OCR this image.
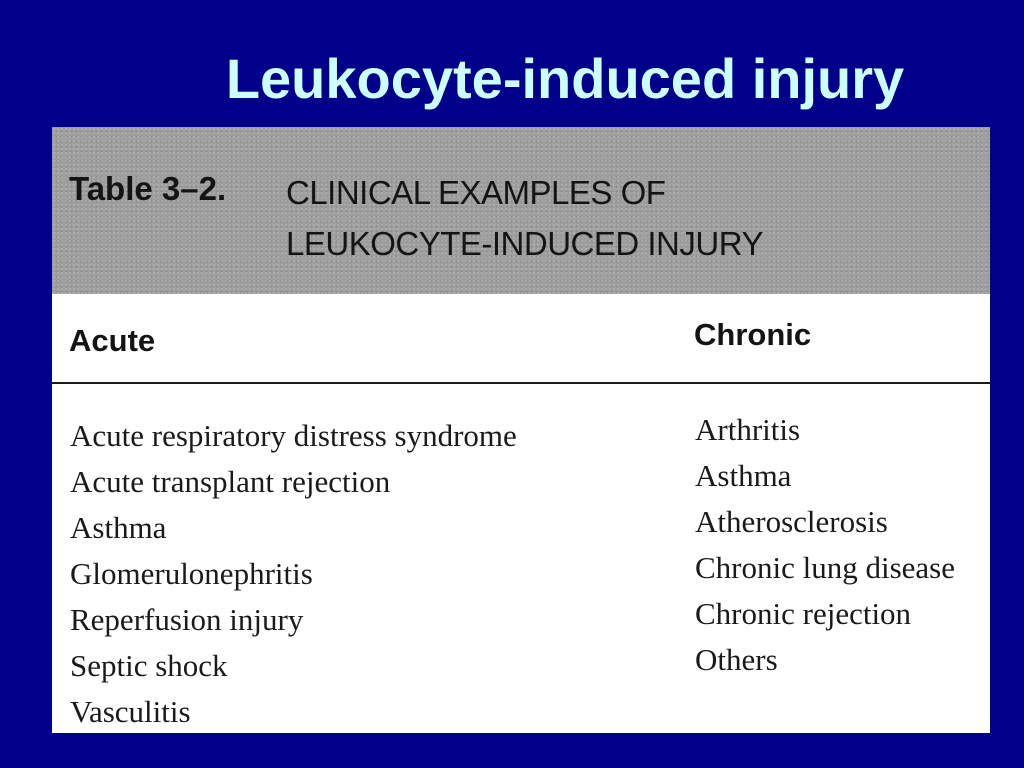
Leukocyte-induced injury
Table 3–2. CLINICAL EXAMPLES OF
LEUKOCYTE-INDUCED INJURY
Acute	Chronic
Acute respiratory distress syndrome
Acute transplant rejection
Asthma
Glomerulonephritis
Reperfusion injury
Septic shock
Vasculitis
Arthritis
Asthma
Atherosclerosis
Chronic lung disease
Chronic rejection
Others
